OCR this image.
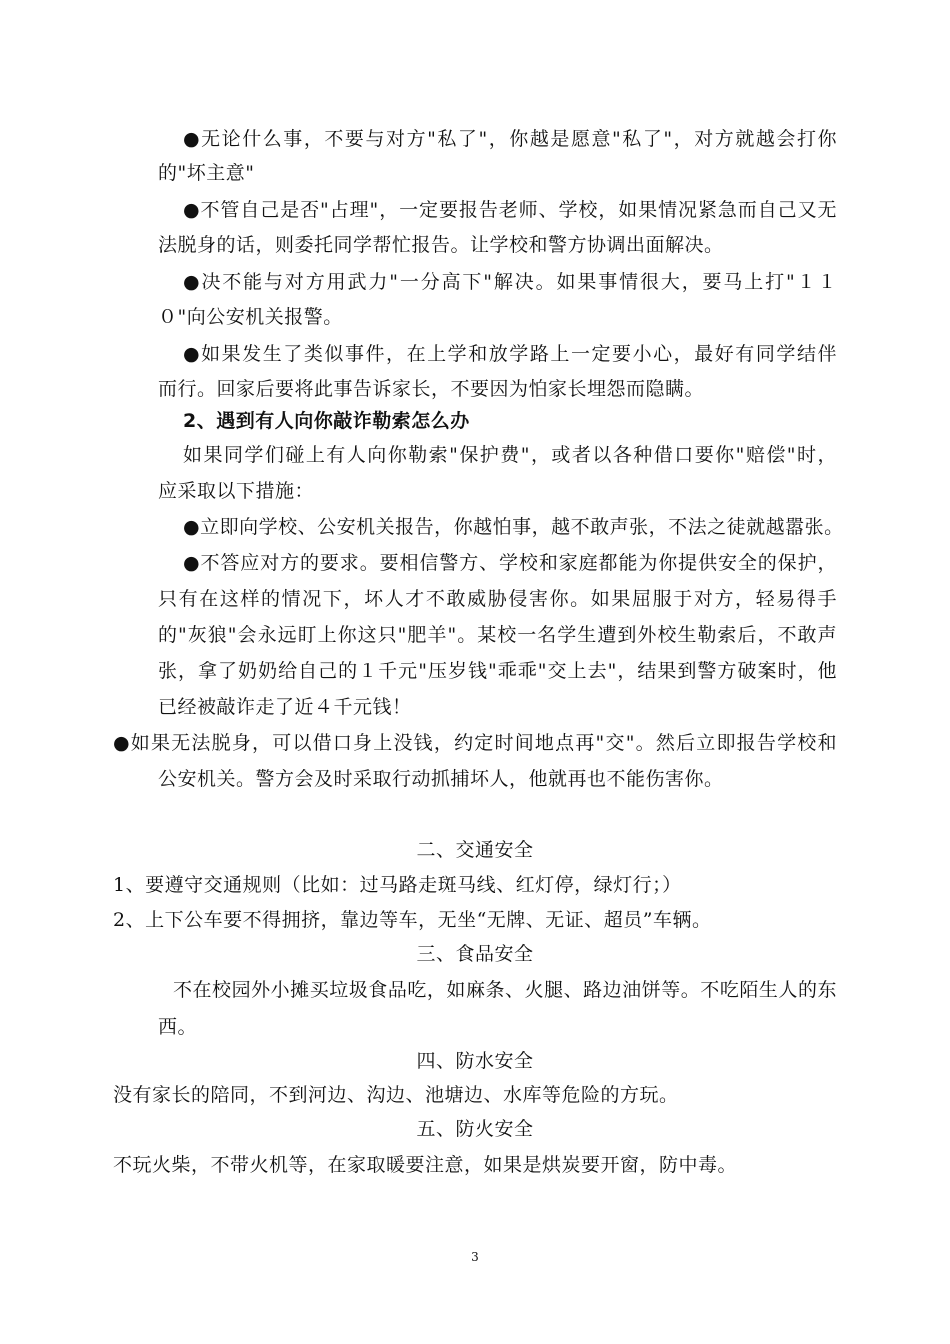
●无论什么事，不要与对方"私了"，你越是愿意"私了"，对方就越会打你
的"坏主意"
●不管自己是否"占理"，一定要报告老师、学校，如果情况紧急而自己又无
法脱身的话，则委托同学帮忙报告。让学校和警方协调出面解决。
●决不能与对方用武力"一分高下"解决。如果事情很大，要马上打"１１
０"向公安机关报警。
●如果发生了类似事件，在上学和放学路上一定要小心，最好有同学结伴
而行。回家后要将此事告诉家长，不要因为怕家长埋怨而隐瞒。
2、遇到有人向你敲诈勒索怎么办
如果同学们碰上有人向你勒索"保护费"，或者以各种借口要你"赔偿"时，
应采取以下措施：
●立即向学校、公安机关报告，你越怕事，越不敢声张，不法之徒就越嚣张。
●不答应对方的要求。要相信警方、学校和家庭都能为你提供安全的保护，
只有在这样的情况下，坏人才不敢威胁侵害你。如果屈服于对方，轻易得手
的"灰狼"会永远盯上你这只"肥羊"。某校一名学生遭到外校生勒索后，不敢声
张，拿了奶奶给自己的１千元"压岁钱"乖乖"交上去"，结果到警方破案时，他
已经被敲诈走了近４千元钱！
●如果无法脱身，可以借口身上没钱，约定时间地点再"交"。然后立即报告学校和
公安机关。警方会及时采取行动抓捕坏人，他就再也不能伤害你。
二、交通安全
1、要遵守交通规则（比如：过马路走斑马线、红灯停，绿灯行；）
2、上下公车要不得拥挤，靠边等车，无坐“无牌、无证、超员”车辆。
三、食品安全
不在校园外小摊买垃圾食品吃，如麻条、火腿、路边油饼等。不吃陌生人的东
西。
四、防水安全
没有家长的陪同，不到河边、沟边、池塘边、水库等危险的方玩。
五、防火安全
不玩火柴，不带火机等，在家取暖要注意，如果是烘炭要开窗，防中毒。
3
